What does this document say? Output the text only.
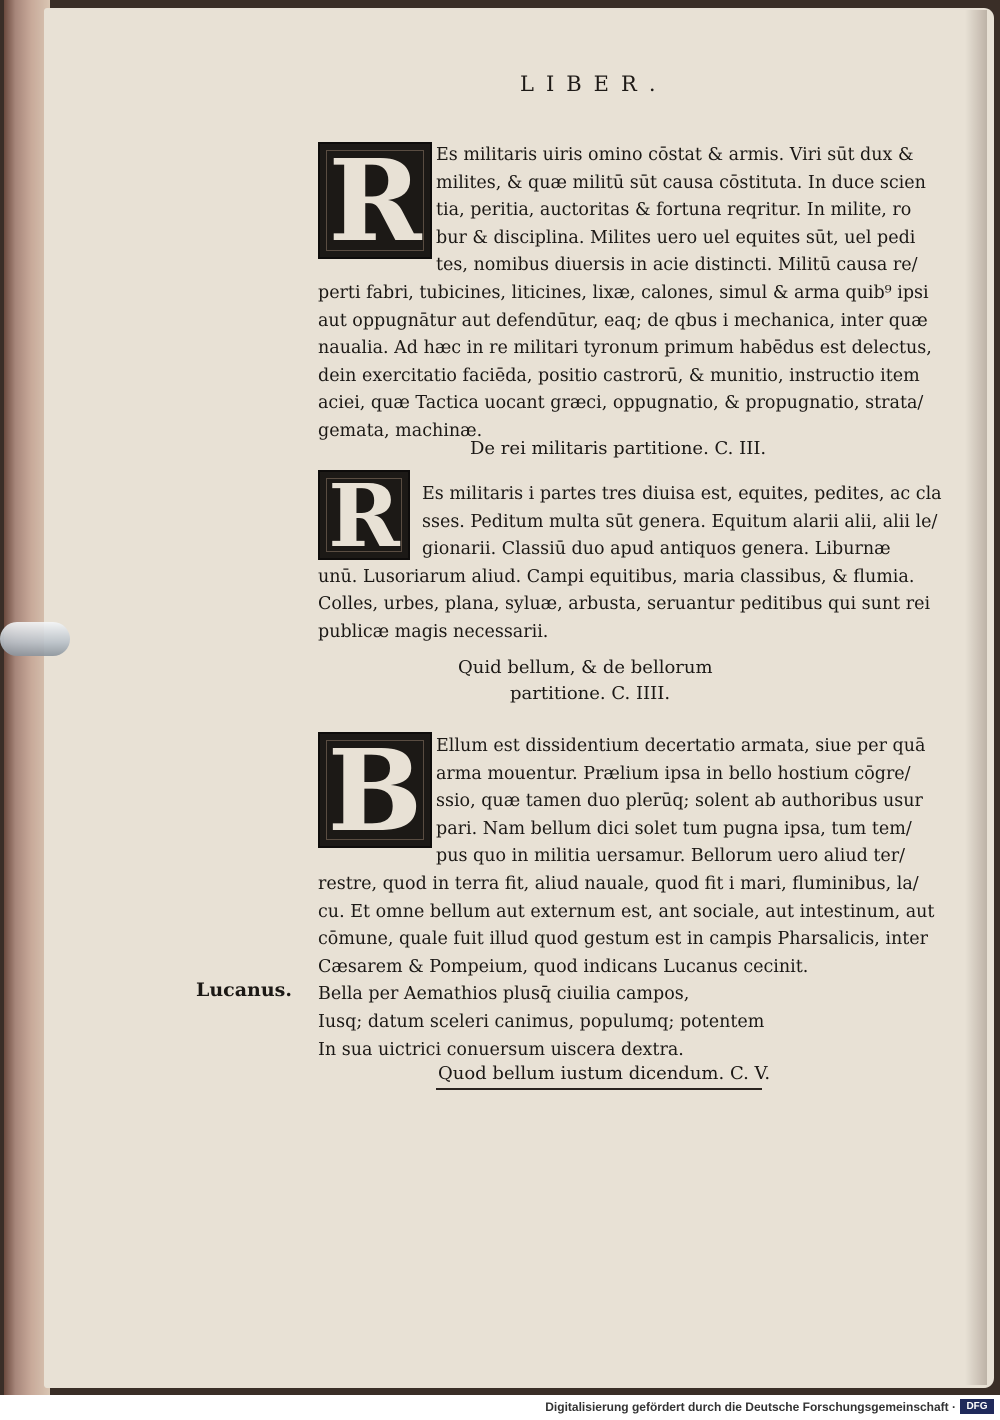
LIBER.
R Es militaris uiris omino cōstat & armis. Viri sūt dux &
milites, & quæ militū sūt causa cōstituta. In duce scien
tia, peritia, auctoritas & fortuna reqritur. In milite, ro
bur & disciplina. Milites uero uel equites sūt, uel pedi
tes, nomibus diuersis in acie distincti. Militū causa re/
perti fabri, tubicines, liticines, lixæ, calones, simul & arma quib⁹ ipsi
aut oppugnātur aut defendūtur, eaq; de qbus i mechanica, inter quæ
naualia. Ad hæc in re militari tyronum primum habēdus est delectus,
dein exercitatio faciēda, positio castrorū, & munitio, instructio item
aciei, quæ Tactica uocant græci, oppugnatio, & propugnatio, strata/
gemata, machinæ.
De rei militaris partitione. C. III.
R	Es militaris i partes tres diuisa est, equites, pedites, ac cla
sses. Peditum multa sūt genera. Equitum alarii alii, alii le/
gionarii. Classiū duo apud antiquos genera. Liburnæ
unū. Lusoriarum aliud. Campi equitibus, maria classibus, & flumia.
Colles, urbes, plana, syluæ, arbusta, seruantur peditibus qui sunt rei
publicæ magis necessarii.
Quid bellum, & de bellorum
partitione. C. IIII.
B Ellum est dissidentium decertatio armata, siue per quā
arma mouentur. Prælium ipsa in bello hostium cōgre/
ssio, quæ tamen duo plerūq; solent ab authoribus usur
pari. Nam bellum dici solet tum pugna ipsa, tum tem/
pus quo in militia uersamur. Bellorum uero aliud ter/
restre, quod in terra fit, aliud nauale, quod fit i mari, fluminibus, la/
cu. Et omne bellum aut externum est, ant sociale, aut intestinum, aut
cōmune, quale fuit illud quod gestum est in campis Pharsalicis, inter
Cæsarem & Pompeium, quod indicans Lucanus cecinit.
Bella per Aemathios plusq̄ ciuilia campos,
Iusq; datum sceleri canimus, populumq; potentem
In sua uictrici conuersum uiscera dextra.
Lucanus.
Quod bellum iustum dicendum. C. V.
Digitalisierung gefördert durch die Deutsche Forschungsgemeinschaft ·	DFG
